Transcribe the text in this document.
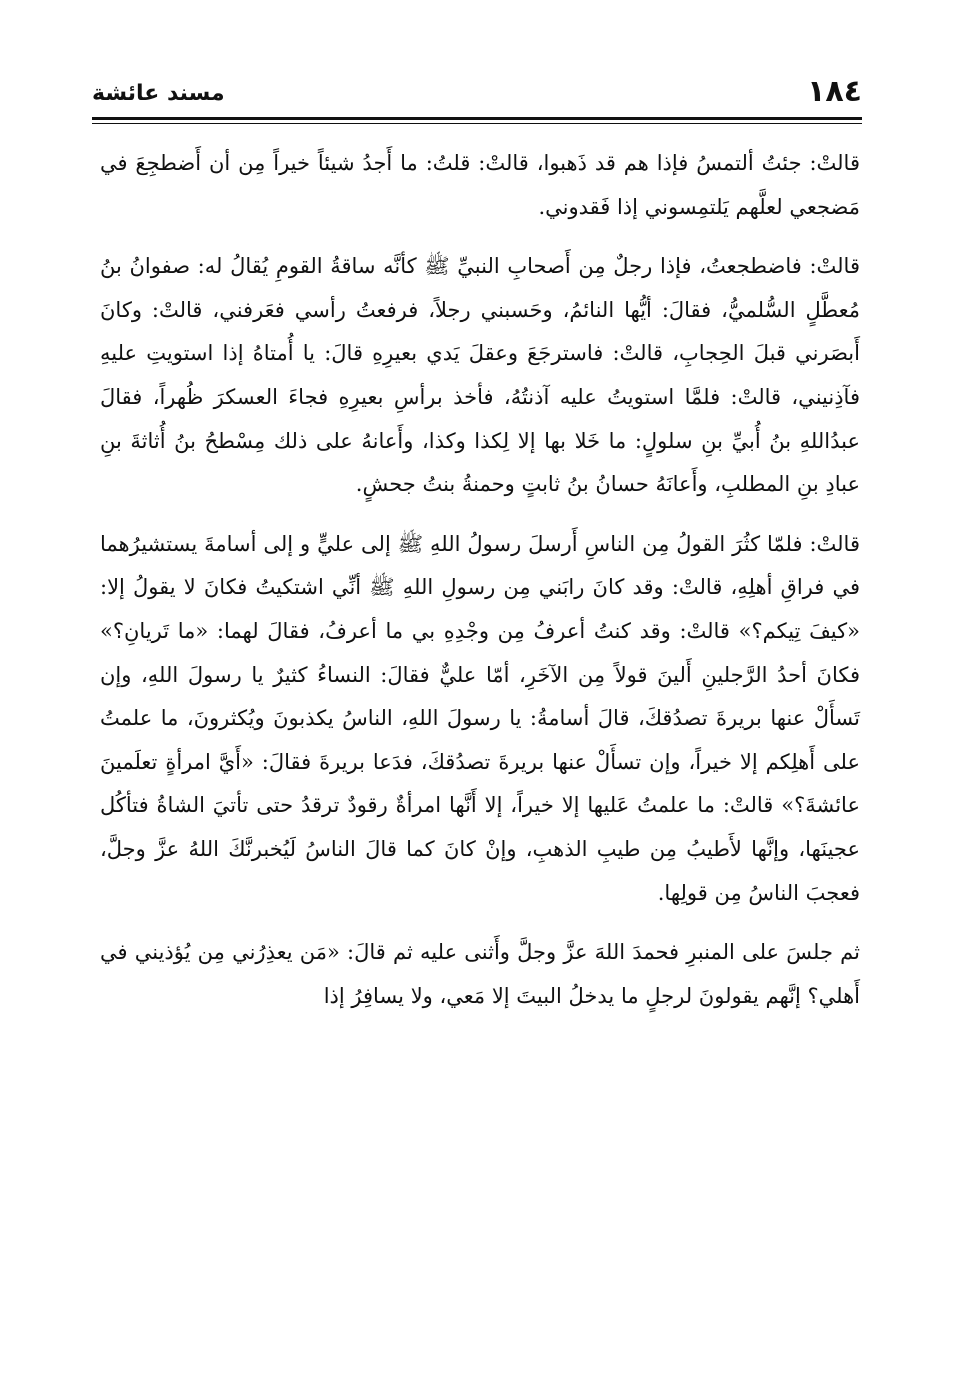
١٨٤
مسند عائشة

قالتْ: جئتُ ألتمسُ فإذا هم قد ذَهبوا، قالتْ: قلتُ: ما أَجدُ شيئاً خيراً مِن أن أَضطجِعَ في مَضجعي لعلَّهم يَلتمِسوني إذا فَقدوني.

قالتْ: فاضطجعتُ، فإذا رجلٌ مِن أَصحابِ النبيِّ ﷺ كأنَّه ساقةُ القومِ يُقالُ له: صفوانُ بنُ مُعطَّلٍ السُّلميُّ، فقالَ: أيُّها النائمُ، وحَسبني رجلاً، فرفعتُ رأسي فعَرفني، قالتْ: وكانَ أَبصَرني قبلَ الحِجابِ، قالتْ: فاسترجَعَ وعقلَ يَدي بعيرِهِ قالَ: يا أُمتاهُ إذا استويتِ عليهِ فآذِنيني، قالتْ: فلمَّا استويتُ عليه آذنتُهُ، فأخذ برأسِ بعيرِهِ فجاءَ العسكرَ ظُهراً، فقالَ عبدُاللهِ بنُ أُبيِّ بنِ سلولٍ: ما خَلا بها إلا لِكذا وكذا، وأَعانهُ على ذلك مِسْطحُ بنُ أُثاثةَ بنِ عبادِ بنِ المطلبِ، وأَعانَهُ حسانُ بنُ ثابتٍ وحمنةُ بنتُ جحشٍ.

قالتْ: فلمّا كثُرَ القولُ مِن الناسِ أَرسلَ رسولُ اللهِ ﷺ إلى عليٍّ و إلى أسامةَ يستشيرُهما في فراقِ أهلِهِ، قالتْ: وقد كانَ رابَني مِن رسولِ اللهِ ﷺ أنِّي اشتكيتُ فكانَ لا يقولُ إلا: «كيفَ تِيكم؟» قالتْ: وقد كنتُ أعرفُ مِن وجْدِهِ بي ما أعرفُ، فقالَ لهما: «ما تَريانِ؟» فكانَ أحدُ الرَّجلينِ أَلينَ قولاً مِن الآخَرِ، أمّا عليٌّ فقالَ: النساءُ كثيرٌ يا رسولَ اللهِ، وإن تَسأَلْ عنها بريرةَ تصدُقكَ، قالَ أسامةُ: يا رسولَ اللهِ، الناسُ يكذبونَ ويُكثرونَ، ما علمتُ على أَهلِكم إلا خيراً، وإن تسأَلْ عنها بريرةَ تصدُقكَ، فدَعا بريرةَ فقالَ: «أَيَّ امرأةٍ تعلَمينَ عائشةَ؟» قالتْ: ما علمتُ عَليها إلا خيراً، إلا أَنَّها امرأةٌ رقودٌ ترقدُ حتى تأتيَ الشاةُ فتأكُل عجينَها، وإنَّها لأَطيبُ مِن طيبِ الذهبِ، وإنْ كانَ كما قالَ الناسُ لَيُخبرنَّكَ اللهُ عزَّ وجلَّ، فعجبَ الناسُ مِن قولِها.

ثم جلسَ على المنبرِ فحمدَ اللهَ عزَّ وجلَّ وأَثنى عليه ثم قالَ: «مَن يعذِرُني مِن يُؤذيني في أَهلي؟ إنَّهم يقولونَ لرجلٍ ما يدخلُ البيتَ إلا مَعي، ولا يسافِرُ إذا
